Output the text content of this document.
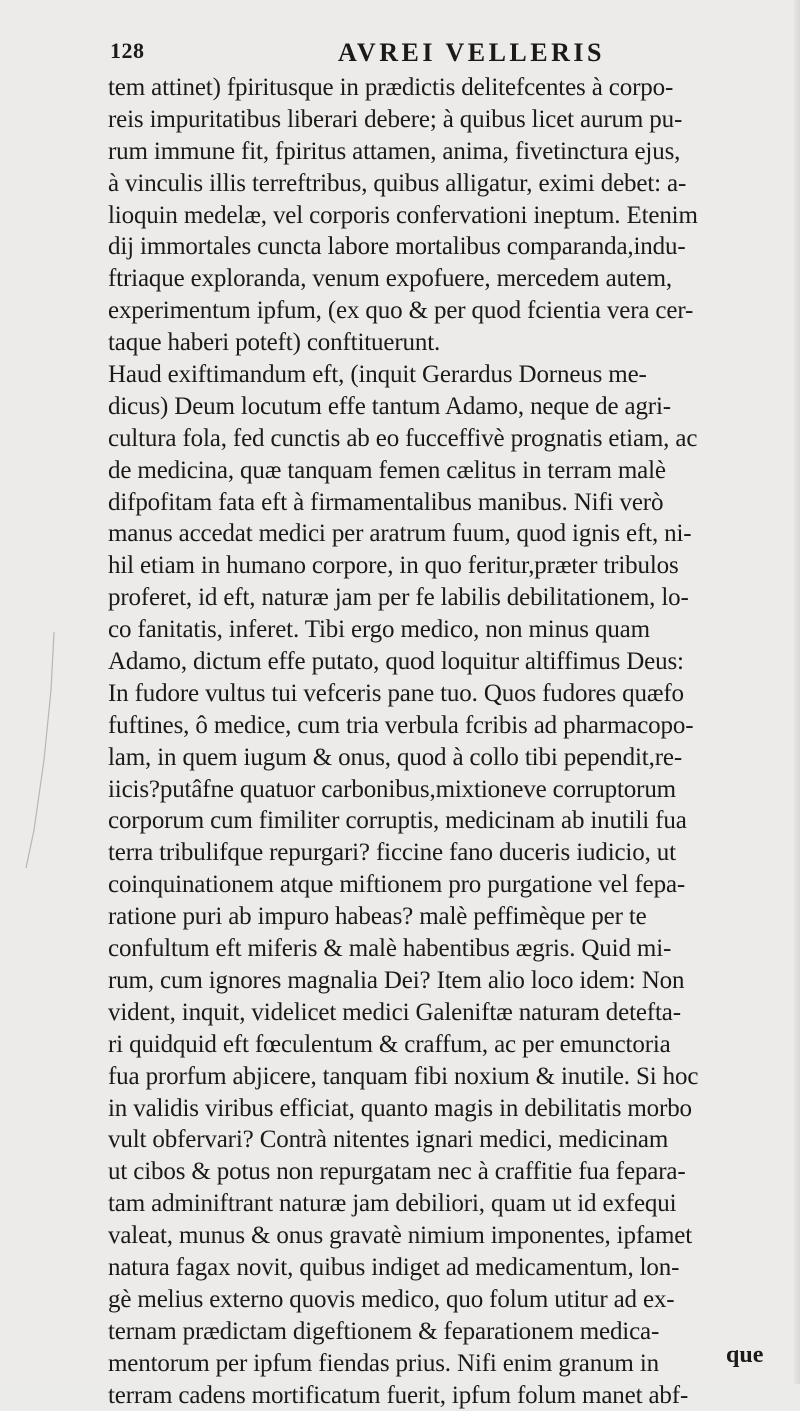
128	AVREI VELLERIS
tem attinet) fpiritusque in prædictis delitefcentes à corpo-
reis impuritatibus liberari debere; à quibus licet aurum pu-
rum immune fit, fpiritus attamen, anima, fivetinctura ejus,
à vinculis illis terreftribus, quibus alligatur, eximi debet: a-
lioquin medelæ, vel corporis confervationi ineptum. Etenim
dij immortales cuncta labore mortalibus comparanda,indu-
ftriaque exploranda, venum expofuere, mercedem autem,
experimentum ipfum, (ex quo & per quod fcientia vera cer-
taque haberi poteft) conftituerunt.
Haud exiftimandum eft, (inquit Gerardus Dorneus me-
dicus) Deum locutum effe tantum Adamo, neque de agri-
cultura fola, fed cunctis ab eo fucceffivè prognatis etiam, ac
de medicina, quæ tanquam femen cælitus in terram malè
difpofitam fata eft à firmamentalibus manibus. Nifi verò
manus accedat medici per aratrum fuum, quod ignis eft, ni-
hil etiam in humano corpore, in quo feritur,præter tribulos
proferet, id eft, naturæ jam per fe labilis debilitationem, lo-
co fanitatis, inferet. Tibi ergo medico, non minus quam
Adamo, dictum effe putato, quod loquitur altiffimus Deus:
In fudore vultus tui vefceris pane tuo. Quos fudores quæfo
fuftines, ô medice, cum tria verbula fcribis ad pharmacopo-
lam, in quem iugum & onus, quod à collo tibi pependit,re-
iicis?putâfne quatuor carbonibus,mixtioneve corruptorum
corporum cum fimiliter corruptis, medicinam ab inutili fua
terra tribulifque repurgari? ficcine fano duceris iudicio, ut
coinquinationem atque miftionem pro purgatione vel fepa-
ratione puri ab impuro habeas? malè peffimèque per te
confultum eft miferis & malè habentibus ægris. Quid mi-
rum, cum ignores magnalia Dei? Item alio loco idem: Non
vident, inquit, videlicet medici Galeniftæ naturam detefta-
ri quidquid eft fœculentum & craffum, ac per emunctoria
fua prorfum abjicere, tanquam fibi noxium & inutile. Si hoc
in validis viribus efficiat, quanto magis in debilitatis morbo
vult obfervari? Contrà nitentes ignari medici, medicinam
ut cibos & potus non repurgatam nec à craffitie fua fepara-
tam adminiftrant naturæ jam debiliori, quam ut id exfequi
valeat, munus & onus gravatè nimium imponentes, ipfamet
natura fagax novit, quibus indiget ad medicamentum, lon-
gè melius externo quovis medico, quo folum utitur ad ex-
ternam prædictam digeftionem & feparationem medica-
mentorum per ipfum fiendas prius. Nifi enim granum in
terram cadens mortificatum fuerit, ipfum folum manet abf-
que
